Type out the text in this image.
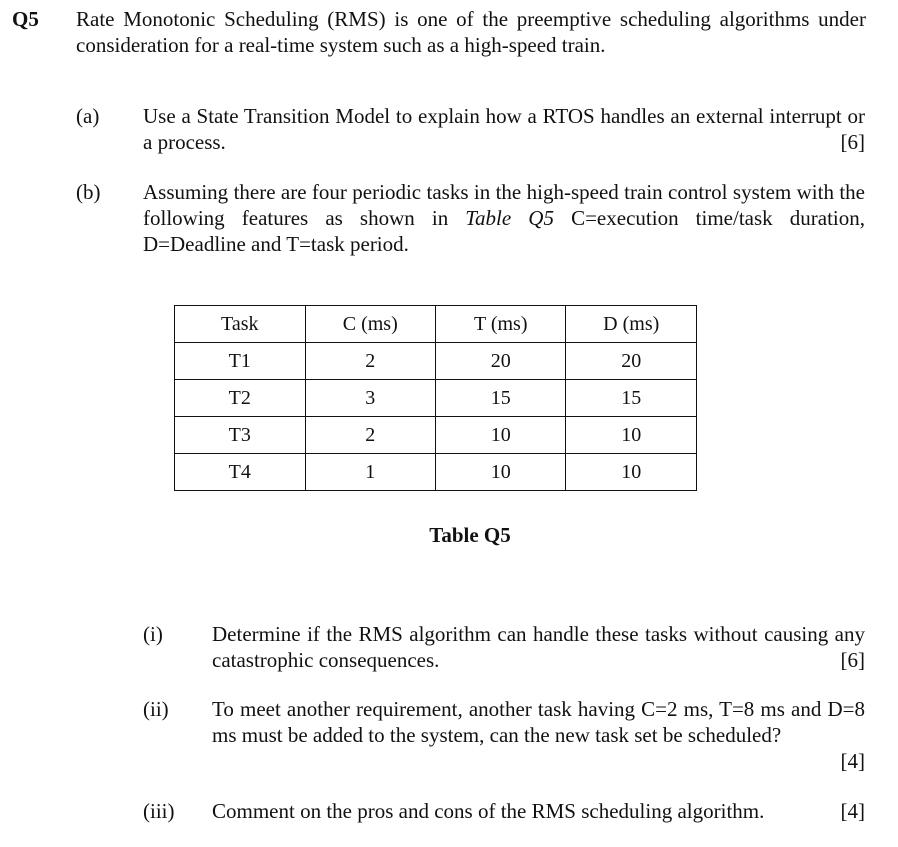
Q5 Rate Monotonic Scheduling (RMS) is one of the preemptive scheduling algorithms under consideration for a real-time system such as a high-speed train.
(a) Use a State Transition Model to explain how a RTOS handles an external interrupt or a process.	[6]
(b) Assuming there are four periodic tasks in the high-speed train control system with the following features as shown in Table Q5 C=execution time/task duration, D=Deadline and T=task period.
Task	C (ms)	T (ms)	D (ms)
T1	2	20	20
T2	3	15	15
T3	2	10	10
T4	1	10	10
Table Q5
(i) Determine if the RMS algorithm can handle these tasks without causing any catastrophic consequences.	[6]
(ii) To meet another requirement, another task having C=2 ms, T=8 ms and D=8 ms must be added to the system, can the new task set be scheduled?
[4]
(iii) Comment on the pros and cons of the RMS scheduling algorithm.	[4]
